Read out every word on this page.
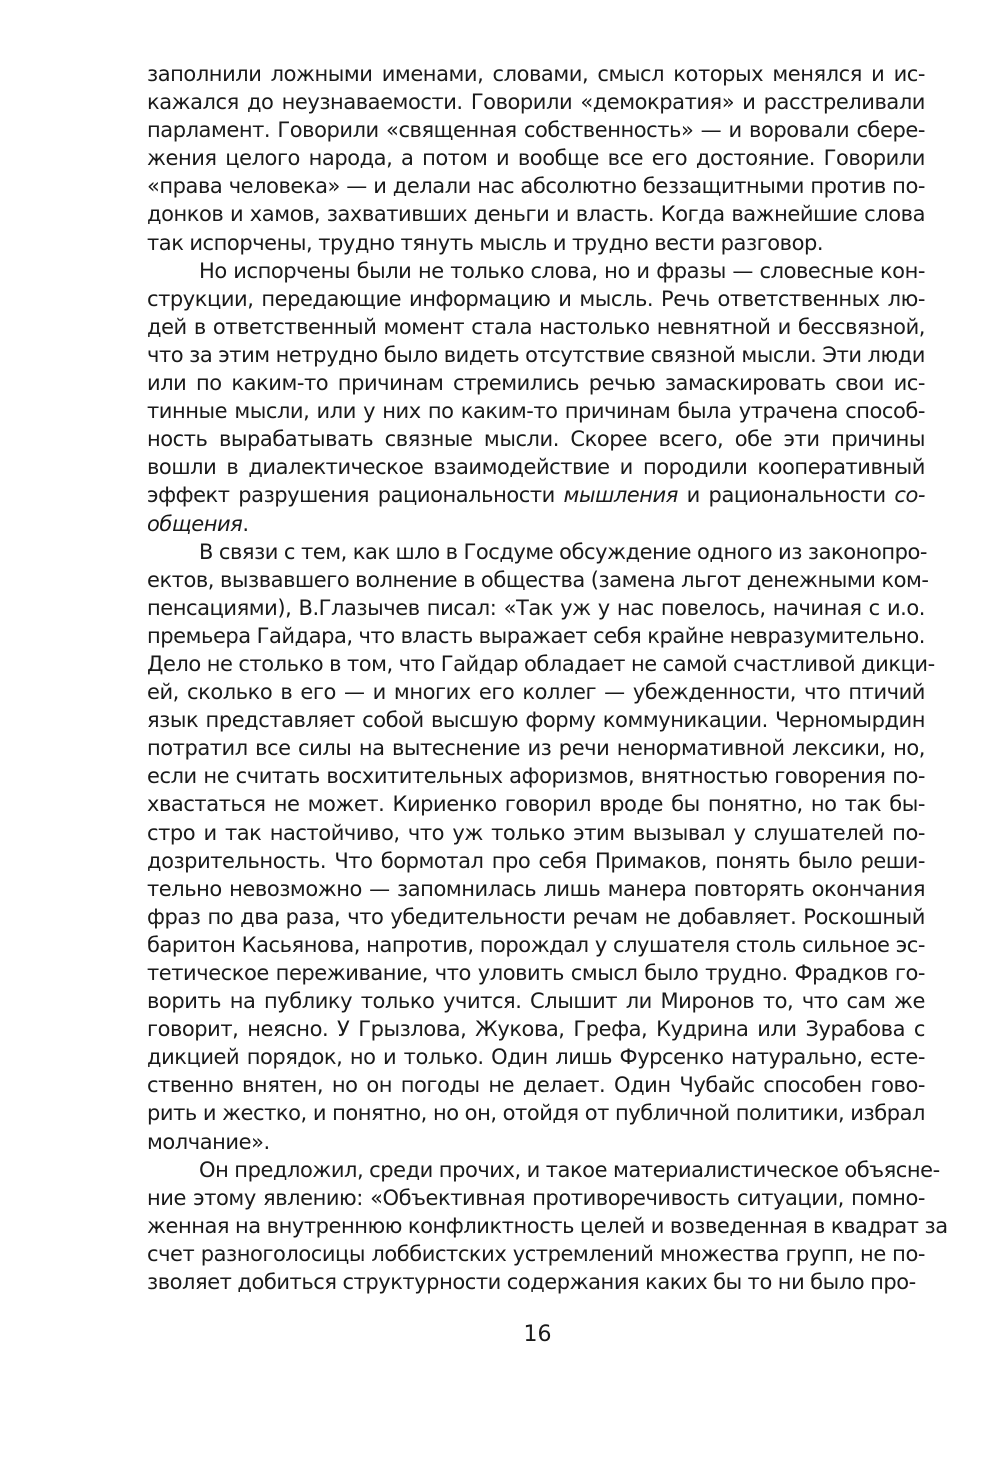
заполнили ложными именами, словами, смысл которых менялся и ис-
кажался до неузнаваемости. Говорили «демократия» и расстреливали
парламент. Говорили «священная собственность» — и воровали сбере-
жения целого народа, а потом и вообще все его достояние. Говорили
«права человека» — и делали нас абсолютно беззащитными против по-
донков и хамов, захвативших деньги и власть. Когда важнейшие слова
так испорчены, трудно тянуть мысль и трудно вести разговор.
Но испорчены были не только слова, но и фразы — словесные кон-
струкции, передающие информацию и мысль. Речь ответственных лю-
дей в ответственный момент стала настолько невнятной и бессвязной,
что за этим нетрудно было видеть отсутствие связной мысли. Эти люди
или по каким-то причинам стремились речью замаскировать свои ис-
тинные мысли, или у них по каким-то причинам была утрачена способ-
ность вырабатывать связные мысли. Скорее всего, обе эти причины
вошли в диалектическое взаимодействие и породили кооперативный
эффект разрушения рациональности мышления и рациональности со-
общения.
В связи с тем, как шло в Госдуме обсуждение одного из законопро-
ектов, вызвавшего волнение в общества (замена льгот денежными ком-
пенсациями), В.Глазычев писал: «Так уж у нас повелось, начиная с и.о.
премьера Гайдара, что власть выражает себя крайне невразумительно.
Дело не столько в том, что Гайдар обладает не самой счастливой дикци-
ей, сколько в его — и многих его коллег — убежденности, что птичий
язык представляет собой высшую форму коммуникации. Черномырдин
потратил все силы на вытеснение из речи ненормативной лексики, но,
если не считать восхитительных афоризмов, внятностью говорения по-
хвастаться не может. Кириенко говорил вроде бы понятно, но так бы-
стро и так настойчиво, что уж только этим вызывал у слушателей по-
дозрительность. Что бормотал про себя Примаков, понять было реши-
тельно невозможно — запомнилась лишь манера повторять окончания
фраз по два раза, что убедительности речам не добавляет. Роскошный
баритон Касьянова, напротив, порождал у слушателя столь сильное эс-
тетическое переживание, что уловить смысл было трудно. Фрадков го-
ворить на публику только учится. Слышит ли Миронов то, что сам же
говорит, неясно. У Грызлова, Жукова, Грефа, Кудрина или Зурабова с
дикцией порядок, но и только. Один лишь Фурсенко натурально, есте-
ственно внятен, но он погоды не делает. Один Чубайс способен гово-
рить и жестко, и понятно, но он, отойдя от публичной политики, избрал
молчание».
Он предложил, среди прочих, и такое материалистическое объясне-
ние этому явлению: «Объективная противоречивость ситуации, помно-
женная на внутреннюю конфликтность целей и возведенная в квадрат за
счет разноголосицы лоббистских устремлений множества групп, не по-
зволяет добиться структурности содержания каких бы то ни было про-
16
